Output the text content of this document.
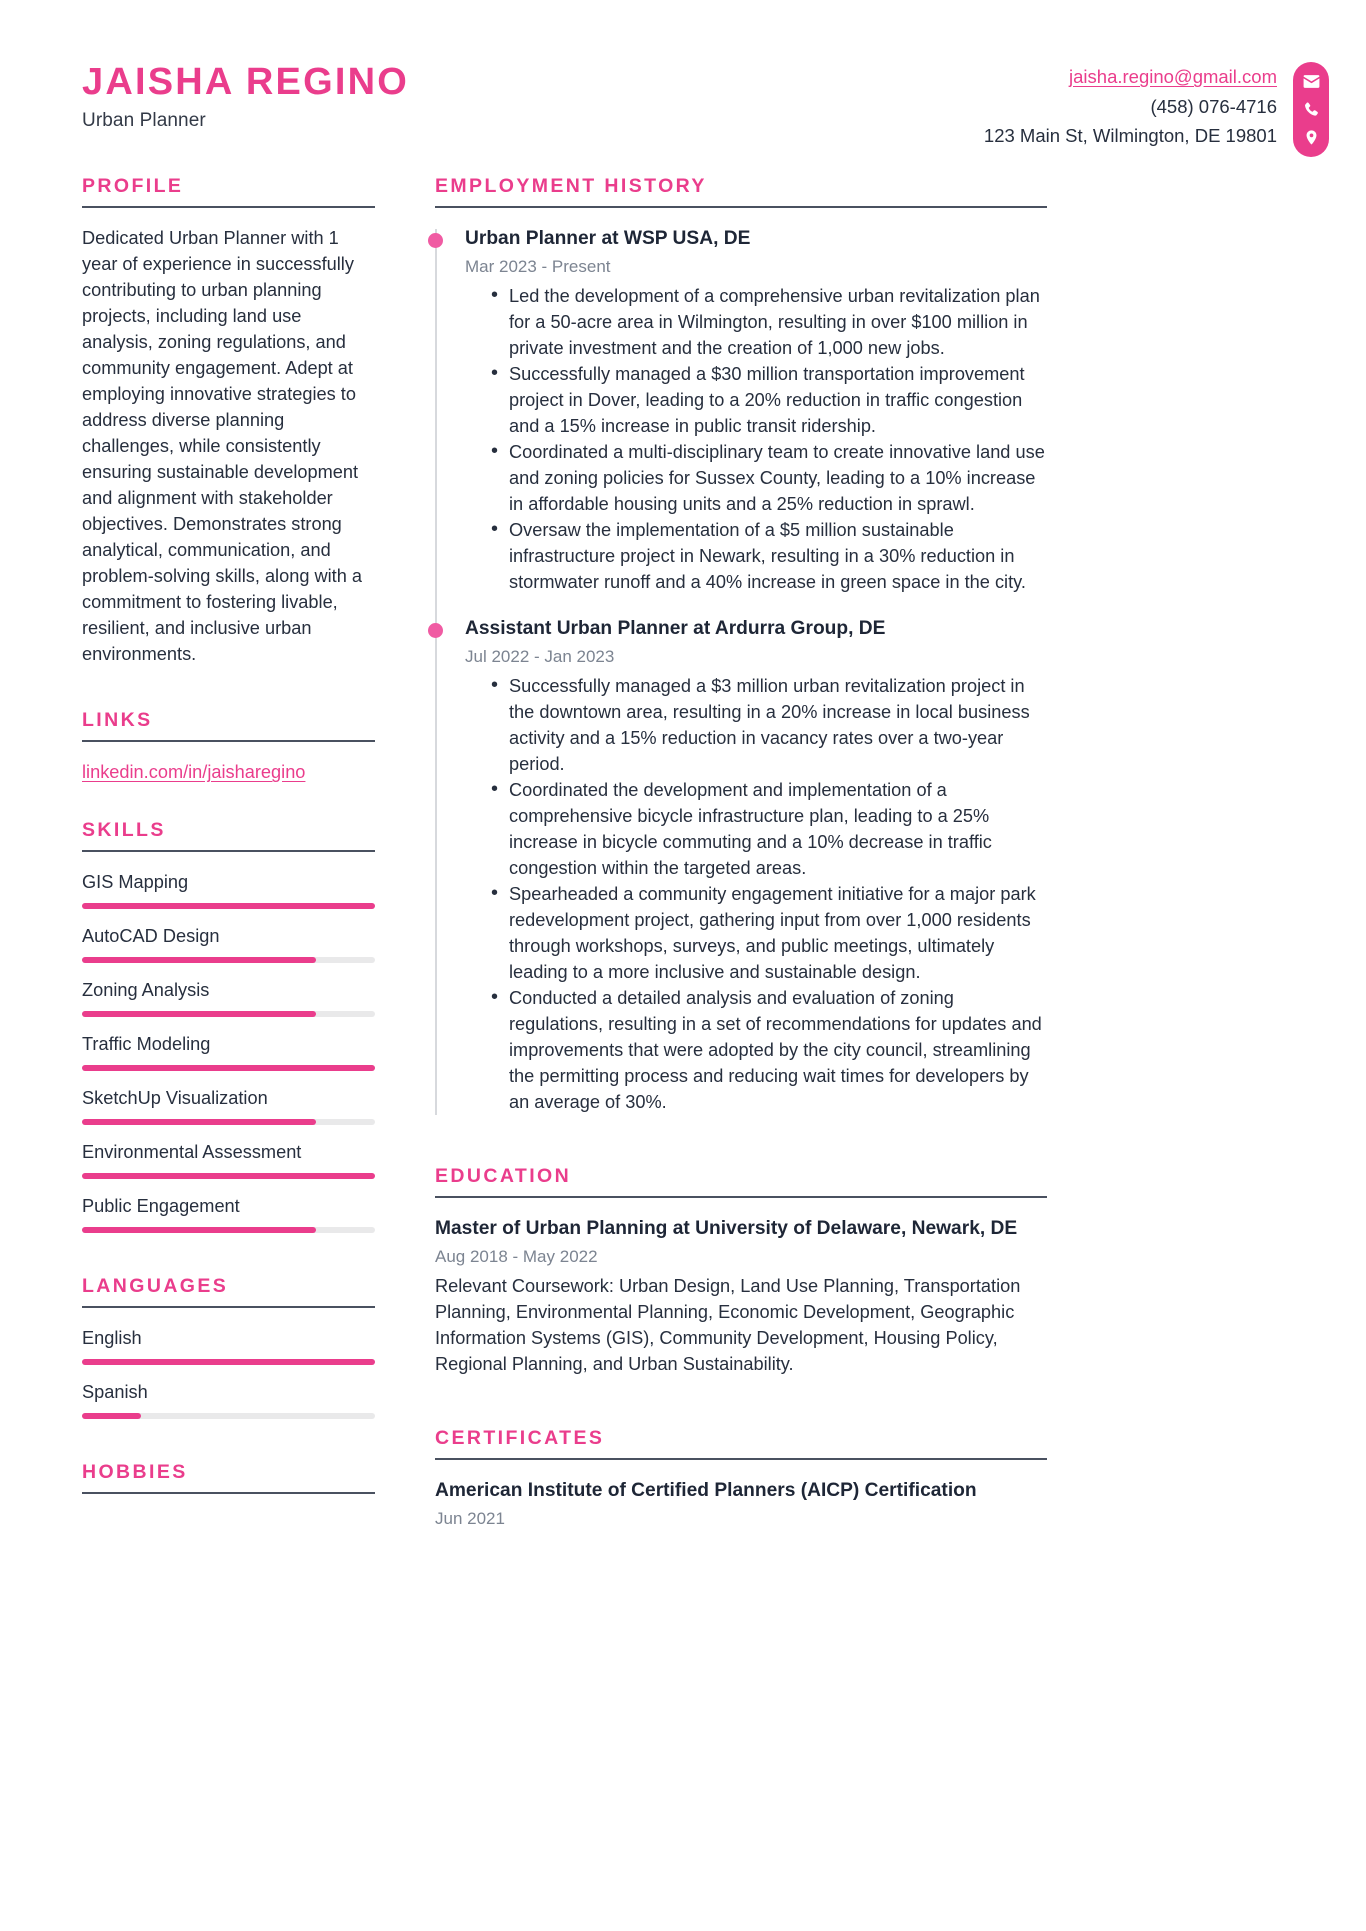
JAISHA REGINO
Urban Planner
jaisha.regino@gmail.com
(458) 076-4716
123 Main St, Wilmington, DE 19801
PROFILE
Dedicated Urban Planner with 1 year of experience in successfully contributing to urban planning projects, including land use analysis, zoning regulations, and community engagement. Adept at employing innovative strategies to address diverse planning challenges, while consistently ensuring sustainable development and alignment with stakeholder objectives. Demonstrates strong analytical, communication, and problem-solving skills, along with a commitment to fostering livable, resilient, and inclusive urban environments.
LINKS
linkedin.com/in/jaisharegino
SKILLS
GIS Mapping
AutoCAD Design
Zoning Analysis
Traffic Modeling
SketchUp Visualization
Environmental Assessment
Public Engagement
LANGUAGES
English
Spanish
HOBBIES
EMPLOYMENT HISTORY
Urban Planner at WSP USA, DE
Mar 2023 - Present
• Led the development of a comprehensive urban revitalization plan for a 50-acre area in Wilmington, resulting in over $100 million in private investment and the creation of 1,000 new jobs.
• Successfully managed a $30 million transportation improvement project in Dover, leading to a 20% reduction in traffic congestion and a 15% increase in public transit ridership.
• Coordinated a multi-disciplinary team to create innovative land use and zoning policies for Sussex County, leading to a 10% increase in affordable housing units and a 25% reduction in sprawl.
• Oversaw the implementation of a $5 million sustainable infrastructure project in Newark, resulting in a 30% reduction in stormwater runoff and a 40% increase in green space in the city.
Assistant Urban Planner at Ardurra Group, DE
Jul 2022 - Jan 2023
• Successfully managed a $3 million urban revitalization project in the downtown area, resulting in a 20% increase in local business activity and a 15% reduction in vacancy rates over a two-year period.
• Coordinated the development and implementation of a comprehensive bicycle infrastructure plan, leading to a 25% increase in bicycle commuting and a 10% decrease in traffic congestion within the targeted areas.
• Spearheaded a community engagement initiative for a major park redevelopment project, gathering input from over 1,000 residents through workshops, surveys, and public meetings, ultimately leading to a more inclusive and sustainable design.
• Conducted a detailed analysis and evaluation of zoning regulations, resulting in a set of recommendations for updates and improvements that were adopted by the city council, streamlining the permitting process and reducing wait times for developers by an average of 30%.
EDUCATION
Master of Urban Planning at University of Delaware, Newark, DE
Aug 2018 - May 2022
Relevant Coursework: Urban Design, Land Use Planning, Transportation Planning, Environmental Planning, Economic Development, Geographic Information Systems (GIS), Community Development, Housing Policy, Regional Planning, and Urban Sustainability.
CERTIFICATES
American Institute of Certified Planners (AICP) Certification
Jun 2021
